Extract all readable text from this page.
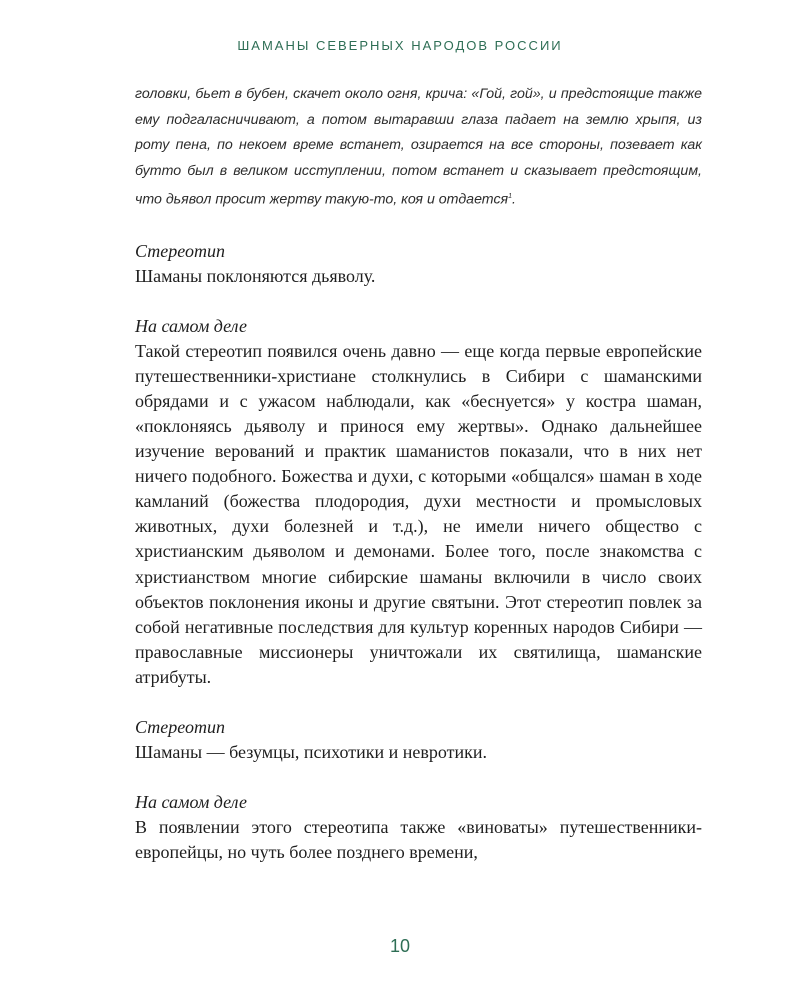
ШАМАНЫ СЕВЕРНЫХ НАРОДОВ РОССИИ

головки, бьет в бубен, скачет около огня, крича: «Гой, гой», и предстоящие также ему подгаласничивают, а потом вытаравши глаза падает на землю хрыпя, из роту пена, по некоем време встанет, озирается на все стороны, позевает как бутто был в великом исступлении, потом встанет и сказывает предстоящим, что дьявол просит жертву такую-то, коя и отдается$^1$.

Стереотип

Шаманы поклоняются дьяволу.

На самом деле

Такой стереотип появился очень давно — еще когда первые европейские путешественники-христиане столкнулись в Сибири с шаманскими обрядами и с ужасом наблюдали, как «беснуется» у костра шаман, «поклоняясь дьяволу и принося ему жертвы». Однако дальнейшее изучение верований и практик шаманистов показали, что в них нет ничего подобного. Божества и духи, с которыми «общался» шаман в ходе камланий (божества плодородия, духи местности и промысловых животных, духи болезней и т.д.), не имели ничего общество с христианским дьяволом и демонами. Более того, после знакомства с христианством многие сибирские шаманы включили в число своих объектов поклонения иконы и другие святыни. Этот стереотип повлек за собой негативные последствия для культур коренных народов Сибири — православные миссионеры уничтожали их святилища, шаманские атрибуты.

Стереотип

Шаманы — безумцы, психотики и невротики.

На самом деле

В появлении этого стереотипа также «виноваты» путешественники-европейцы, но чуть более позднего времени,

10
